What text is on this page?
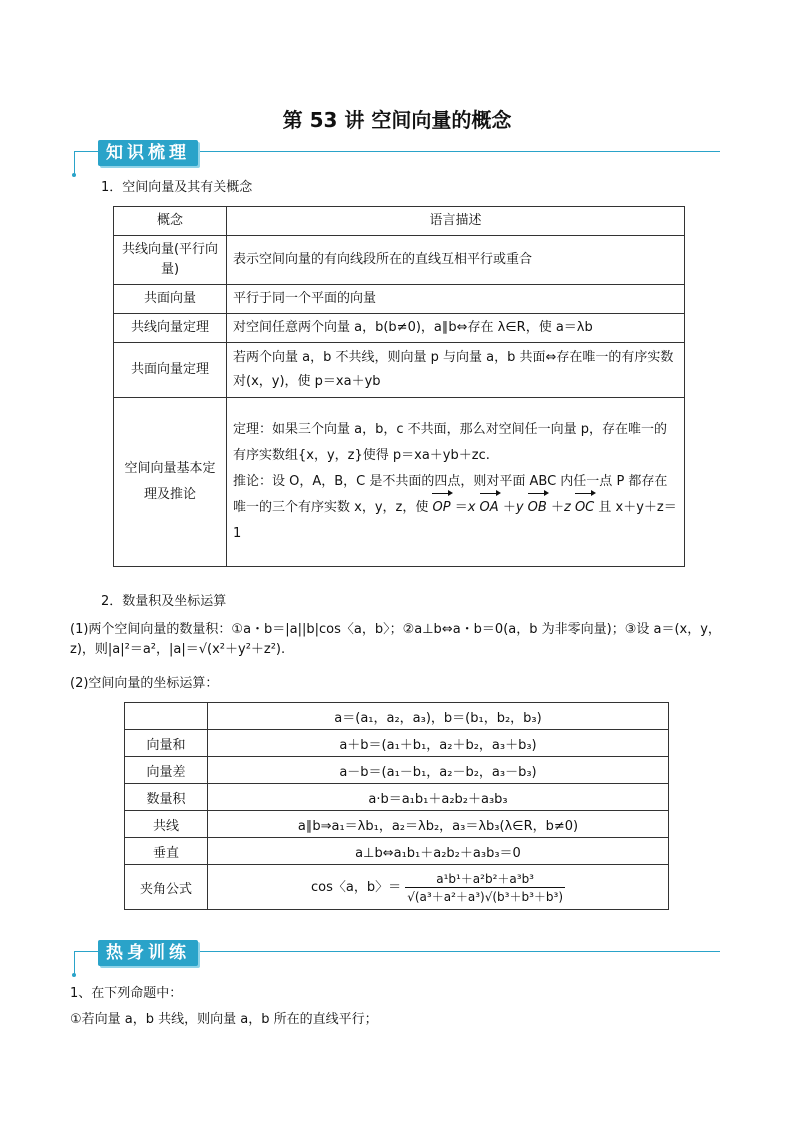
第 53 讲 空间向量的概念
知识梳理
1．空间向量及其有关概念
概念	语言描述
共线向量(平行向量)	表示空间向量的有向线段所在的直线互相平行或重合
共面向量	平行于同一个平面的向量
共线向量定理	对空间任意两个向量 a，b(b≠0)，a∥b⇔存在 λ∈R，使 a＝λb
共面向量定理	若两个向量 a，b 不共线，则向量 p 与向量 a，b 共面⇔存在唯一的有序实数对(x，y)，使 p＝xa＋yb
空间向量基本定理及推论	定理：如果三个向量 a，b，c 不共面，那么对空间任一向量 p，存在唯一的有序实数组{x，y，z}使得 p＝xa＋yb＋zc.
推论：设 O，A，B，C 是不共面的四点，则对平面 ABC 内任一点 P 都存在唯一的三个有序实数 x，y，z，使 OP ＝x OA ＋y OB ＋z OC 且 x＋y＋z＝1
2．数量积及坐标运算
(1)两个空间向量的数量积：①a・b＝|a||b|cos〈a，b〉；②a⊥b⇔a・b＝0(a，b 为非零向量)；③设 a＝(x，y，z)，则|a|²＝a²，|a|＝√(x²＋y²＋z²).
(2)空间向量的坐标运算：
	a＝(a₁，a₂，a₃)，b＝(b₁，b₂，b₃)
向量和	a＋b＝(a₁＋b₁，a₂＋b₂，a₃＋b₃)
向量差	a－b＝(a₁－b₁，a₂－b₂，a₃－b₃)
数量积	a·b＝a₁b₁＋a₂b₂＋a₃b₃
共线	a∥b⇒a₁＝λb₁，a₂＝λb₂，a₃＝λb₃(λ∈R，b≠0)
垂直	a⊥b⇔a₁b₁＋a₂b₂＋a₃b₃＝0
夹角公式	cos〈a，b〉＝ $\frac{\text{a¹b¹＋a²b²＋a³b³}}{\text{√(a³＋a²＋a³)√(b³＋b³＋b³)}}$
热身训练
1、在下列命题中：
①若向量 a，b 共线，则向量 a，b 所在的直线平行；
